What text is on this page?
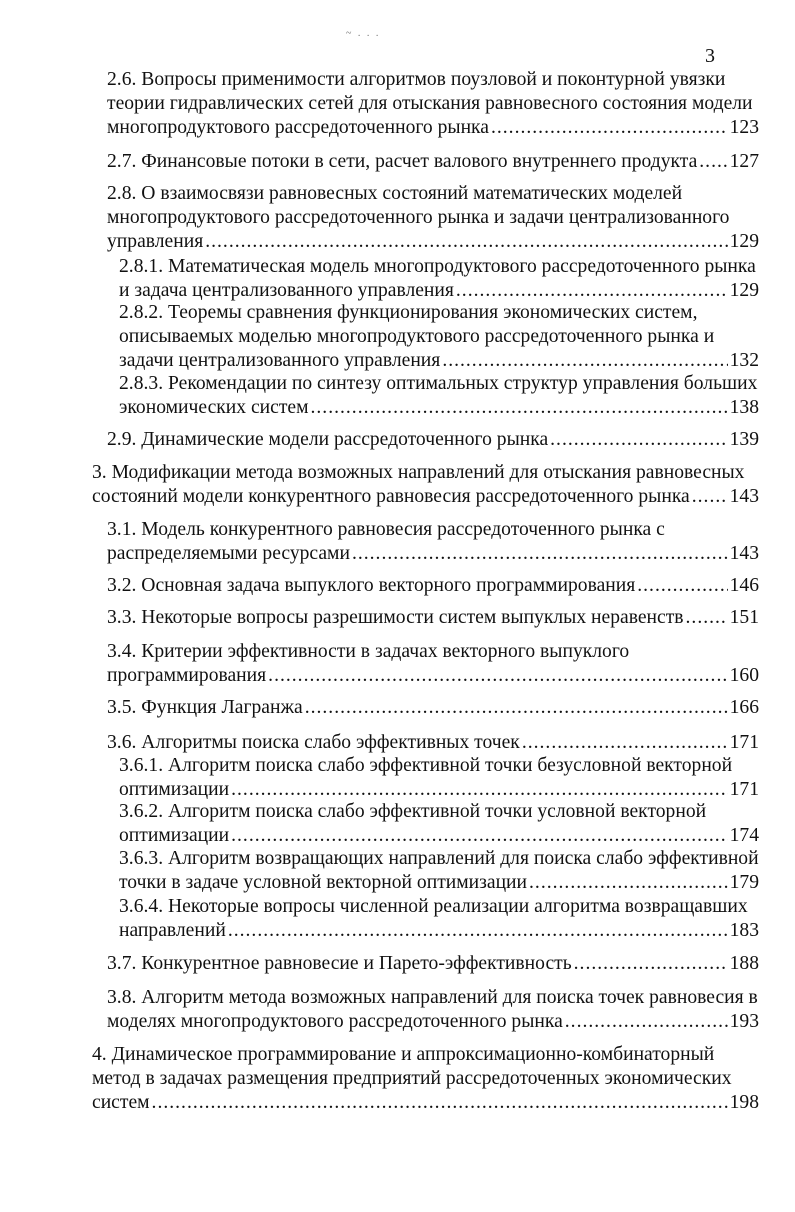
~ . . .
3
2.6. Вопросы применимости алгоритмов поузловой и поконтурной увязки
теории гидравлических сетей для отыскания равновесного состояния модели
многопродуктового рассредоточенного рынка .....	123
2.7. Финансовые потоки в сети, расчет валового внутреннего продукта ..... 127
2.8. О взаимосвязи равновесных состояний математических моделей
многопродуктового рассредоточенного рынка и задачи централизованного
управления .....	129
2.8.1. Математическая модель многопродуктового рассредоточенного рынка
и задача централизованного управления .....	129
2.8.2. Теоремы сравнения функционирования экономических систем,
описываемых моделью многопродуктового рассредоточенного рынка и
задачи централизованного управления .....	132
2.8.3. Рекомендации по синтезу оптимальных структур управления больших
экономических систем .....	138
2.9. Динамические модели рассредоточенного рынка .....	139
3. Модификации метода возможных направлений для отыскания равновесных
состояний модели конкурентного равновесия рассредоточенного рынка ..... 143
3.1. Модель конкурентного равновесия рассредоточенного рынка с
распределяемыми ресурсами .....	143
3.2. Основная задача выпуклого векторного программирования .....	146
3.3. Некоторые вопросы разрешимости систем выпуклых неравенств ..... 151
3.4. Критерии эффективности в задачах векторного выпуклого
программирования .....	160
3.5. Функция Лагранжа .....	166
3.6. Алгоритмы поиска слабо эффективных точек .....	171
3.6.1. Алгоритм поиска слабо эффективной точки безусловной векторной
оптимизации .....	171
3.6.2. Алгоритм поиска слабо эффективной точки условной векторной
оптимизации .....	174
3.6.3. Алгоритм возвращающих направлений для поиска слабо эффективной
точки в задаче условной векторной оптимизации .....	179
3.6.4. Некоторые вопросы численной реализации алгоритма возвращавших
направлений .....	183
3.7. Конкурентное равновесие и Парето-эффективность .....	188
3.8. Алгоритм метода возможных направлений для поиска точек равновесия в
моделях многопродуктового рассредоточенного рынка .....	193
4. Динамическое программирование и аппроксимационно-комбинаторный
метод в задачах размещения предприятий рассредоточенных экономических
систем .....	198
